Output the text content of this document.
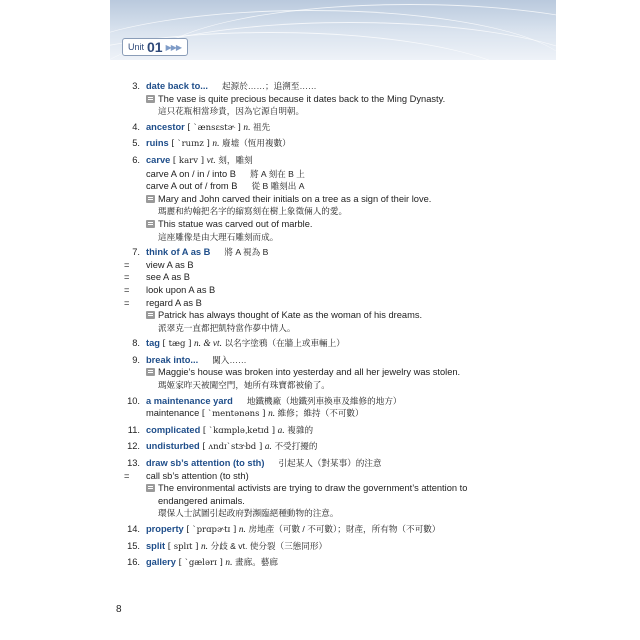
Unit 01 ▶▶▶
3. date back to... 起源於……；追溯至……
The vase is quite precious because it dates back to the Ming Dynasty.
這只花瓶相當珍貴，因為它源自明朝。
4. ancestor [ ˋænsɛstɚ ] n. 祖先
5. ruins [ ˋruɪnz ] n. 廢墟（恆用複數）
6. carve [ karv ] vt. 刻，雕刻
carve A on / in / into B 將 A 刻在 B 上
carve A out of / from B 從 B 雕刻出 A
Mary and John carved their initials on a tree as a sign of their love.
瑪麗和約翰把名字的縮寫刻在樹上象徵倆人的愛。
This statue was carved out of marble.
這座雕像是由大理石雕刻而成。
7. think of A as B 將 A 視為 B
= view A as B
= see A as B
= look upon A as B
= regard A as B
Patrick has always thought of Kate as the woman of his dreams.
派翠克一直都把凱特當作夢中情人。
8. tag [ tæg ] n. & vt. 以名字塗鴉（在牆上或車輛上）
9. break into... 闖入……
Maggie’s house was broken into yesterday and all her jewelry was stolen.
瑪姬家昨天被闖空門，她所有珠寶都被偷了。
10. a maintenance yard 地鐵機廠（地鐵列車換車及維修的地方）
maintenance [ ˋmentənəns ] n. 維修；維持（不可數）
11. complicated [ ˋkɑmpləˌketɪd ] a. 複雜的
12. undisturbed [ ʌndɪˋstɝbd ] a. 不受打擾的
13. draw sb’s attention (to sth) 引起某人（對某事）的注意
= call sb’s attention (to sth)
The environmental activists are trying to draw the government’s attention to
endangered animals.
環保人士試圖引起政府對瀕臨絕種動物的注意。
14. property [ ˋprɑpɚtɪ ] n. 房地產（可數 / 不可數）；財產，所有物（不可數）
15. split [ splɪt ] n. 分歧 & vt. 使分裂（三態同形）
16. gallery [ ˋgælərɪ ] n. 畫廊。藝廊
8
